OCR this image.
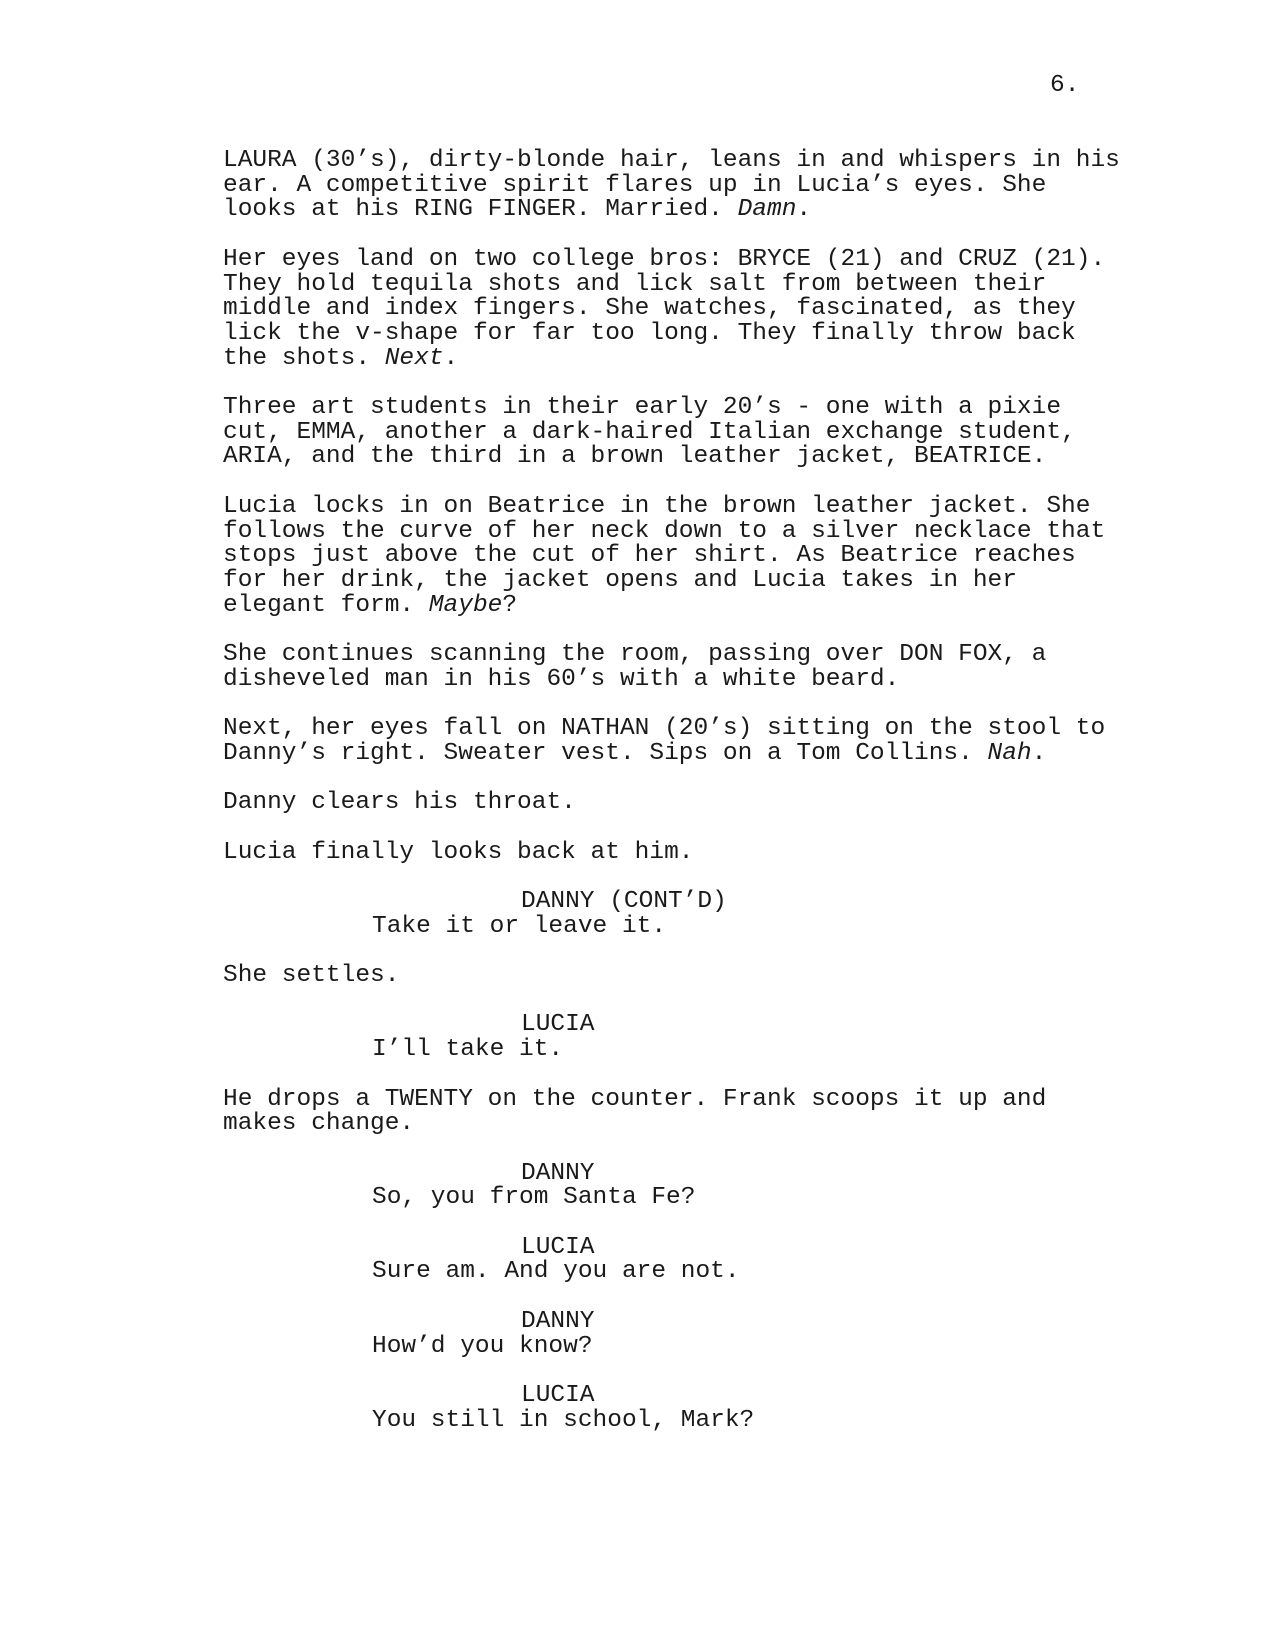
6.
LAURA (30’s), dirty-blonde hair, leans in and whispers in his
ear. A competitive spirit flares up in Lucia’s eyes. She
looks at his RING FINGER. Married. Damn.
Her eyes land on two college bros: BRYCE (21) and CRUZ (21).
They hold tequila shots and lick salt from between their
middle and index fingers. She watches, fascinated, as they
lick the v-shape for far too long. They finally throw back
the shots. Next.
Three art students in their early 20’s - one with a pixie
cut, EMMA, another a dark-haired Italian exchange student,
ARIA, and the third in a brown leather jacket, BEATRICE.
Lucia locks in on Beatrice in the brown leather jacket. She
follows the curve of her neck down to a silver necklace that
stops just above the cut of her shirt. As Beatrice reaches
for her drink, the jacket opens and Lucia takes in her
elegant form. Maybe?
She continues scanning the room, passing over DON FOX, a
disheveled man in his 60’s with a white beard.
Next, her eyes fall on NATHAN (20’s) sitting on the stool to
Danny’s right. Sweater vest. Sips on a Tom Collins. Nah.
Danny clears his throat.
Lucia finally looks back at him.
DANNY (CONT’D)
Take it or leave it.
She settles.
LUCIA
I’ll take it.
He drops a TWENTY on the counter. Frank scoops it up and
makes change.
DANNY
So, you from Santa Fe?
LUCIA
Sure am. And you are not.
DANNY
How’d you know?
LUCIA
You still in school, Mark?
